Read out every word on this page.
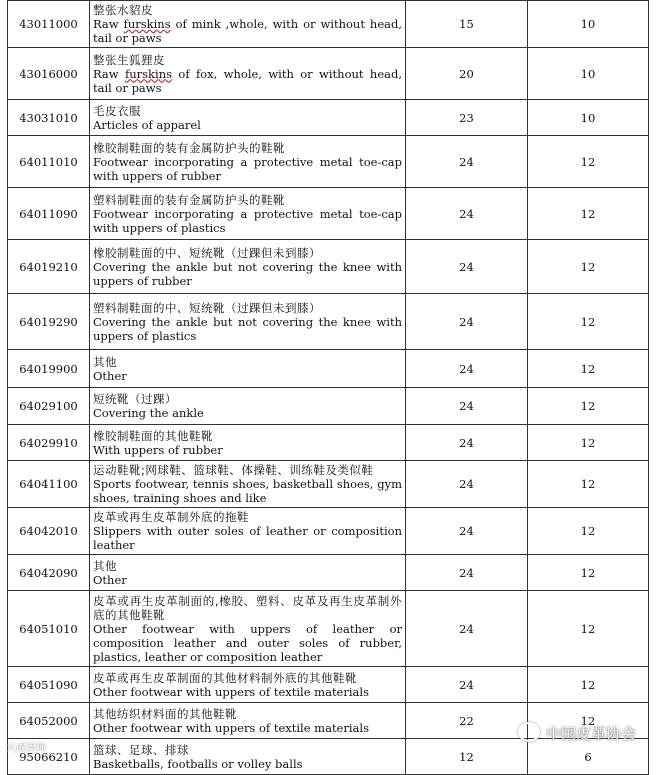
43011000	整张水貂皮
Raw furskins of mink ,whole, with or without head, tail or paws	15	10
43016000	整张生狐狸皮
Raw furskins of fox, whole, with or without head, tail or paws	20	10
43031010	毛皮衣服
Articles of apparel	23	10
64011010	橡胶制鞋面的装有金属防护头的鞋靴
Footwear incorporating a protective metal toe-cap with uppers of rubber	24	12
64011090	塑料制鞋面的装有金属防护头的鞋靴
Footwear incorporating a protective metal toe-cap with uppers of plastics	24	12
64019210	橡胶制鞋面的中、短统靴（过踝但未到膝）
Covering the ankle but not covering the knee with uppers of rubber	24	12
64019290	塑料制鞋面的中、短统靴（过踝但未到膝）
Covering the ankle but not covering the knee with uppers of plastics	24	12
64019900	其他
Other	24	12
64029100	短统靴（过踝）
Covering the ankle	24	12
64029910	橡胶制鞋面的其他鞋靴
With uppers of rubber	24	12
64041100	运动鞋靴;网球鞋、篮球鞋、体操鞋、训练鞋及类似鞋
Sports footwear, tennis shoes, basketball shoes, gym shoes, training shoes and like	24	12
64042010	皮革或再生皮革制外底的拖鞋
Slippers with outer soles of leather or composition leather	24	12
64042090	其他
Other	24	12
64051010	皮革或再生皮革制面的,橡胶、塑料、皮革及再生皮革制外底的其他鞋靴
Other footwear with uppers of leather or composition leather and outer soles of rubber, plastics, leather or composition leather	24	12
64051090	皮革或再生皮革制面的其他材料制外底的其他鞋靴
Other footwear with uppers of textile materials	24	12
64052000	其他纺织材料面的其他鞋靴
Other footwear with uppers of textile materials	22	12
95066210	篮球、足球、排球
Basketballs, footballs or volley balls	12	6
中国皮革协会
大成律师
